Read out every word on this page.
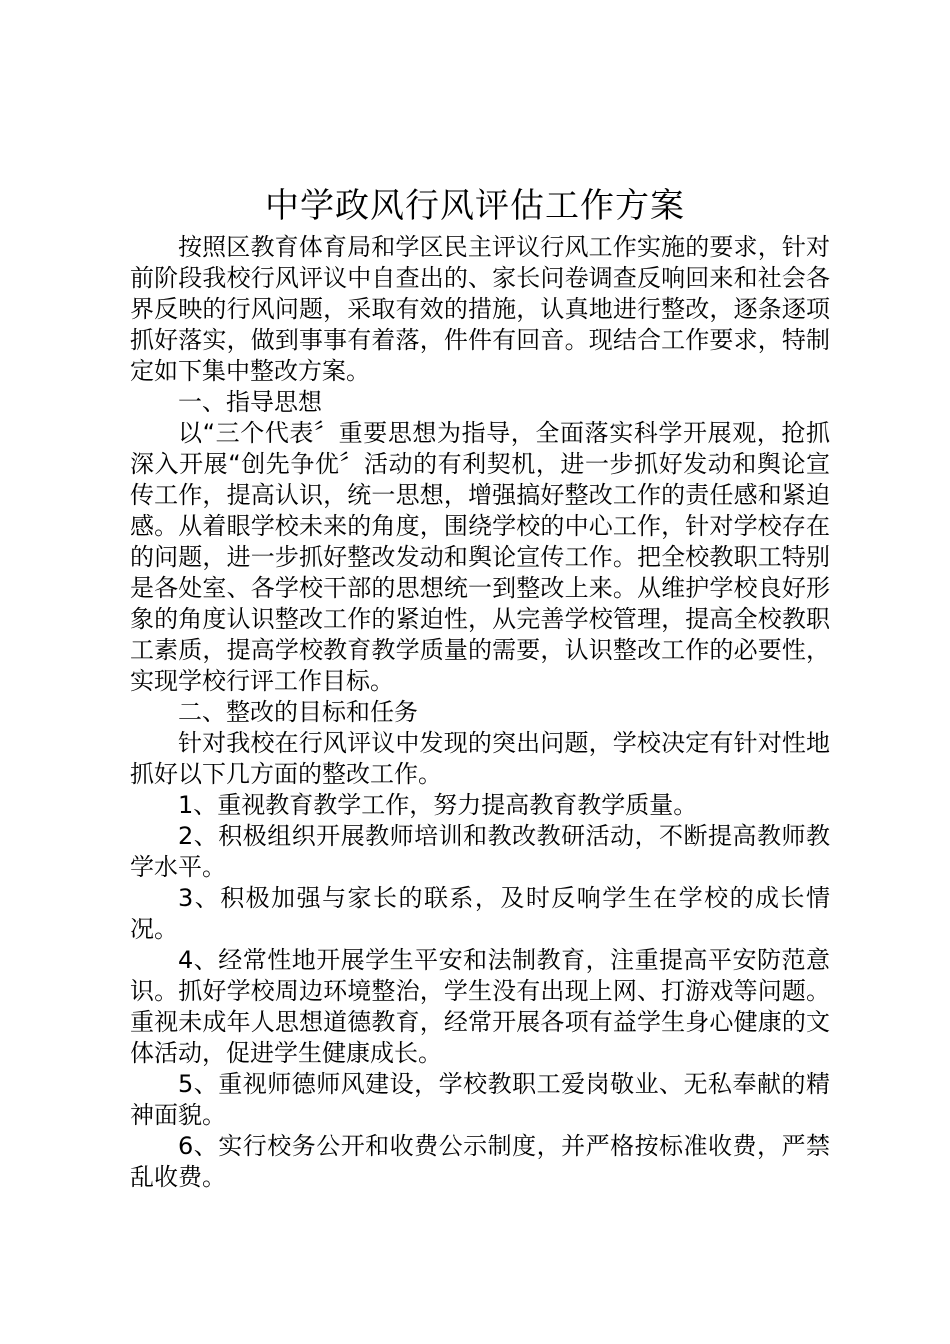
中学政风行风评估工作方案

按照区教育体育局和学区民主评议行风工作实施的要求，针对前阶段我校行风评议中自查出的、家长问卷调查反响回来和社会各界反映的行风问题，采取有效的措施，认真地进行整改，逐条逐项抓好落实，做到事事有着落，件件有回音。现结合工作要求，特制定如下集中整改方案。

一、指导思想

以“三个代表〞重要思想为指导，全面落实科学开展观，抢抓深入开展“创先争优〞活动的有利契机，进一步抓好发动和舆论宣传工作，提高认识，统一思想，增强搞好整改工作的责任感和紧迫感。从着眼学校未来的角度，围绕学校的中心工作，针对学校存在的问题，进一步抓好整改发动和舆论宣传工作。把全校教职工特别是各处室、各学校干部的思想统一到整改上来。从维护学校良好形象的角度认识整改工作的紧迫性，从完善学校管理，提高全校教职工素质，提高学校教育教学质量的需要，认识整改工作的必要性，实现学校行评工作目标。

二、整改的目标和任务

针对我校在行风评议中发现的突出问题，学校决定有针对性地抓好以下几方面的整改工作。

1、重视教育教学工作，努力提高教育教学质量。

2、积极组织开展教师培训和教改教研活动，不断提高教师教学水平。

3、积极加强与家长的联系，及时反响学生在学校的成长情况。

4、经常性地开展学生平安和法制教育，注重提高平安防范意识。抓好学校周边环境整治，学生没有出现上网、打游戏等问题。重视未成年人思想道德教育，经常开展各项有益学生身心健康的文体活动，促进学生健康成长。

5、重视师德师风建设，学校教职工爱岗敬业、无私奉献的精神面貌。

6、实行校务公开和收费公示制度，并严格按标准收费，严禁乱收费。
